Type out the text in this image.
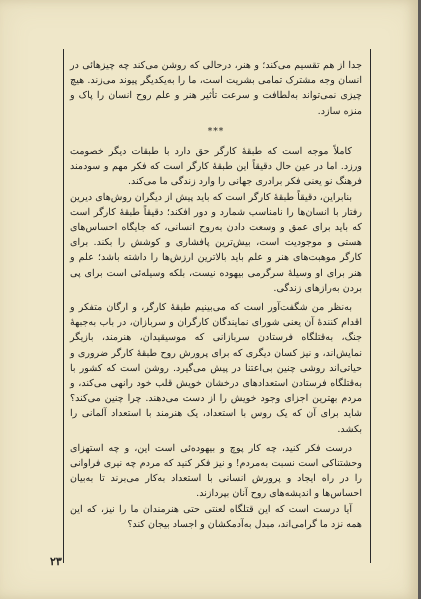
جدا از هم تقسیم می‌کند؛ و هنر، درحالی که روشن می‌کند چه چیزهائی در انسان وجه مشترک تمامی بشریت است، ما را به‌یکدیگر پیوند می‌زند. هیچ چیزی نمی‌تواند به‌لطافت و سرعت تأثیر هنر و علم روح انسان را پاک و منزه سازد.

***

کاملاً موجه است که طبقهٔ کارگر حق دارد با طبقات دیگر خصومت ورزد. اما در عین حال دقیقاً این طبقهٔ کارگر است که فکر مهم و سودمند فرهنگ نو یعنی فکر برادری جهانی را وارد زندگی ما می‌کند.

بنابراین، دقیقاً طبقهٔ کارگر است که باید پیش از دیگران روش‌های دیرین رفتار با انسان‌ها را نامناسب شمارد و دور افکند؛ دقیقاً طبقهٔ کارگر است که باید برای عمق و وسعت دادن به‌روح انسانی، که جایگاه احساس‌های هستی و موجودیت است، بیش‌ترین پافشاری و کوشش را بکند. برای کارگر موهبت‌های هنر و علم باید بالاترین ارزش‌ها را داشته باشد؛ علم و هنر برای او وسیلهٔ سرگرمی بیهوده نیست، بلکه وسیله‌ئی است برای پی بردن به‌رازهای زندگی.

به‌نظر من شگفت‌آور است که می‌بینیم طبقهٔ کارگر، و ارگان متفکر و اقدام کنندهٔ آن یعنی شورای نمایندگان کارگران و سربازان، در باب به‌جبههٔ جنگ، به‌قتلگاه فرستادن سربازانی که موسیقیدان، هنرمند، بازیگر نمایش‌اند، و نیز کسان دیگری که برای پرورش روح طبقهٔ کارگر ضروری و حیاتی‌اند روشی چنین بی‌اعتنا در پیش می‌گیرد. روشن است که کشور با به‌قتلگاه فرستادن استعدادهای درخشان خویش قلب خود رانهی می‌کند، و مردم بهترین اجزای وجود خویش را از دست می‌دهند. چرا چنین می‌کند؟ شاید برای آن که یک روس با استعداد، یک هنرمند با استعداد آلمانی را بکشد.

درست فکر کنید، چه کار پوچ و بیهوده‌ئی است این، و چه استهزای وحشتناکی است نسبت به‌مردم! و نیز فکر کنید که مردم چه نیری فراوانی را در راه ایجاد و پرورش انسانی با استعداد به‌کار می‌برند تا به‌بیان احساس‌ها و اندیشه‌های روح آنان بپردازند.

آیا درست است که این قتلگاه لعنتی حتی هنرمندان ما را نیز، که این همه نزد ما گرامی‌اند، مبدل به‌آدمکشان و اجساد بیجان کند؟

۲۳
